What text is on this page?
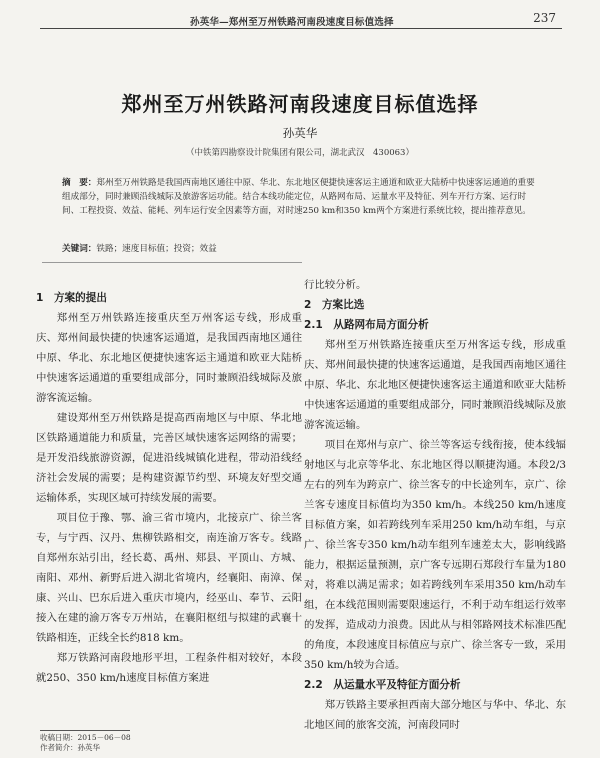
孙英华—郑州至万州铁路河南段速度目标值选择	237
郑州至万州铁路河南段速度目标值选择
孙英华
（中铁第四勘察设计院集团有限公司，湖北武汉　430063）
摘　要：郑州至万州铁路是我国西南地区通往中原、华北、东北地区便捷快速客运主通道和欧亚大陆桥中快速客运通道的重要组成部分，同时兼顾沿线城际及旅游客运功能。结合本线功能定位，从路网布局、运量水平及特征、列车开行方案、运行时间、工程投资、效益、能耗、列车运行安全因素等方面，对时速250 km和350 km两个方案进行系统比较，提出推荐意见。
关键词：铁路；速度目标值；投资；效益

1　方案的提出

郑州至万州铁路连接重庆至万州客运专线，形成重庆、郑州间最快捷的快速客运通道，是我国西南地区通往中原、华北、东北地区便捷快速客运主通道和欧亚大陆桥中快速客运通道的重要组成部分，同时兼顾沿线城际及旅游客流运输。

建设郑州至万州铁路是提高西南地区与中原、华北地区铁路通道能力和质量，完善区域快速客运网络的需要；是开发沿线旅游资源，促进沿线城镇化进程，带动沿线经济社会发展的需要；是构建资源节约型、环境友好型交通运输体系，实现区域可持续发展的需要。

项目位于豫、鄂、渝三省市境内，北接京广、徐兰客专，与宁西、汉丹、焦柳铁路相交，南连渝万客专。线路自郑州东站引出，经长葛、禹州、郏县、平顶山、方城、南阳、邓州、新野后进入湖北省境内，经襄阳、南漳、保康、兴山、巴东后进入重庆市境内，经巫山、奉节、云阳接入在建的渝万客专万州站，在襄阳枢纽与拟建的武襄十铁路相连，正线全长约818 km。

郑万铁路河南段地形平坦，工程条件相对较好，本段就250、350 km/h速度目标值方案进

行比较分析。

2　方案比选

2.1　从路网布局方面分析

郑州至万州铁路连接重庆至万州客运专线，形成重庆、郑州间最快捷的快速客运通道，是我国西南地区通往中原、华北、东北地区便捷快速客运主通道和欧亚大陆桥中快速客运通道的重要组成部分，同时兼顾沿线城际及旅游客流运输。

项目在郑州与京广、徐兰等客运专线衔接，使本线辐射地区与北京等华北、东北地区得以顺捷沟通。本段2/3左右的列车为跨京广、徐兰客专的中长途列车，京广、徐兰客专速度目标值均为350 km/h。本线250 km/h速度目标值方案，如若跨线列车采用250 km/h动车组，与京广、徐兰客专350 km/h动车组列车速差太大，影响线路能力，根据运量预测，京广客专远期石郑段行车量为180对，将难以满足需求；如若跨线列车采用350 km/h动车组，在本线范围则需要限速运行，不利于动车组运行效率的发挥，造成动力浪费。因此从与相邻路网技术标准匹配的角度，本段速度目标值应与京广、徐兰客专一致，采用350 km/h较为合适。

2.2　从运量水平及特征方面分析

郑万铁路主要承担西南大部分地区与华中、华北、东北地区间的旅客交流，河南段同时

收稿日期：2015－06－08
作者简介：孙英华
